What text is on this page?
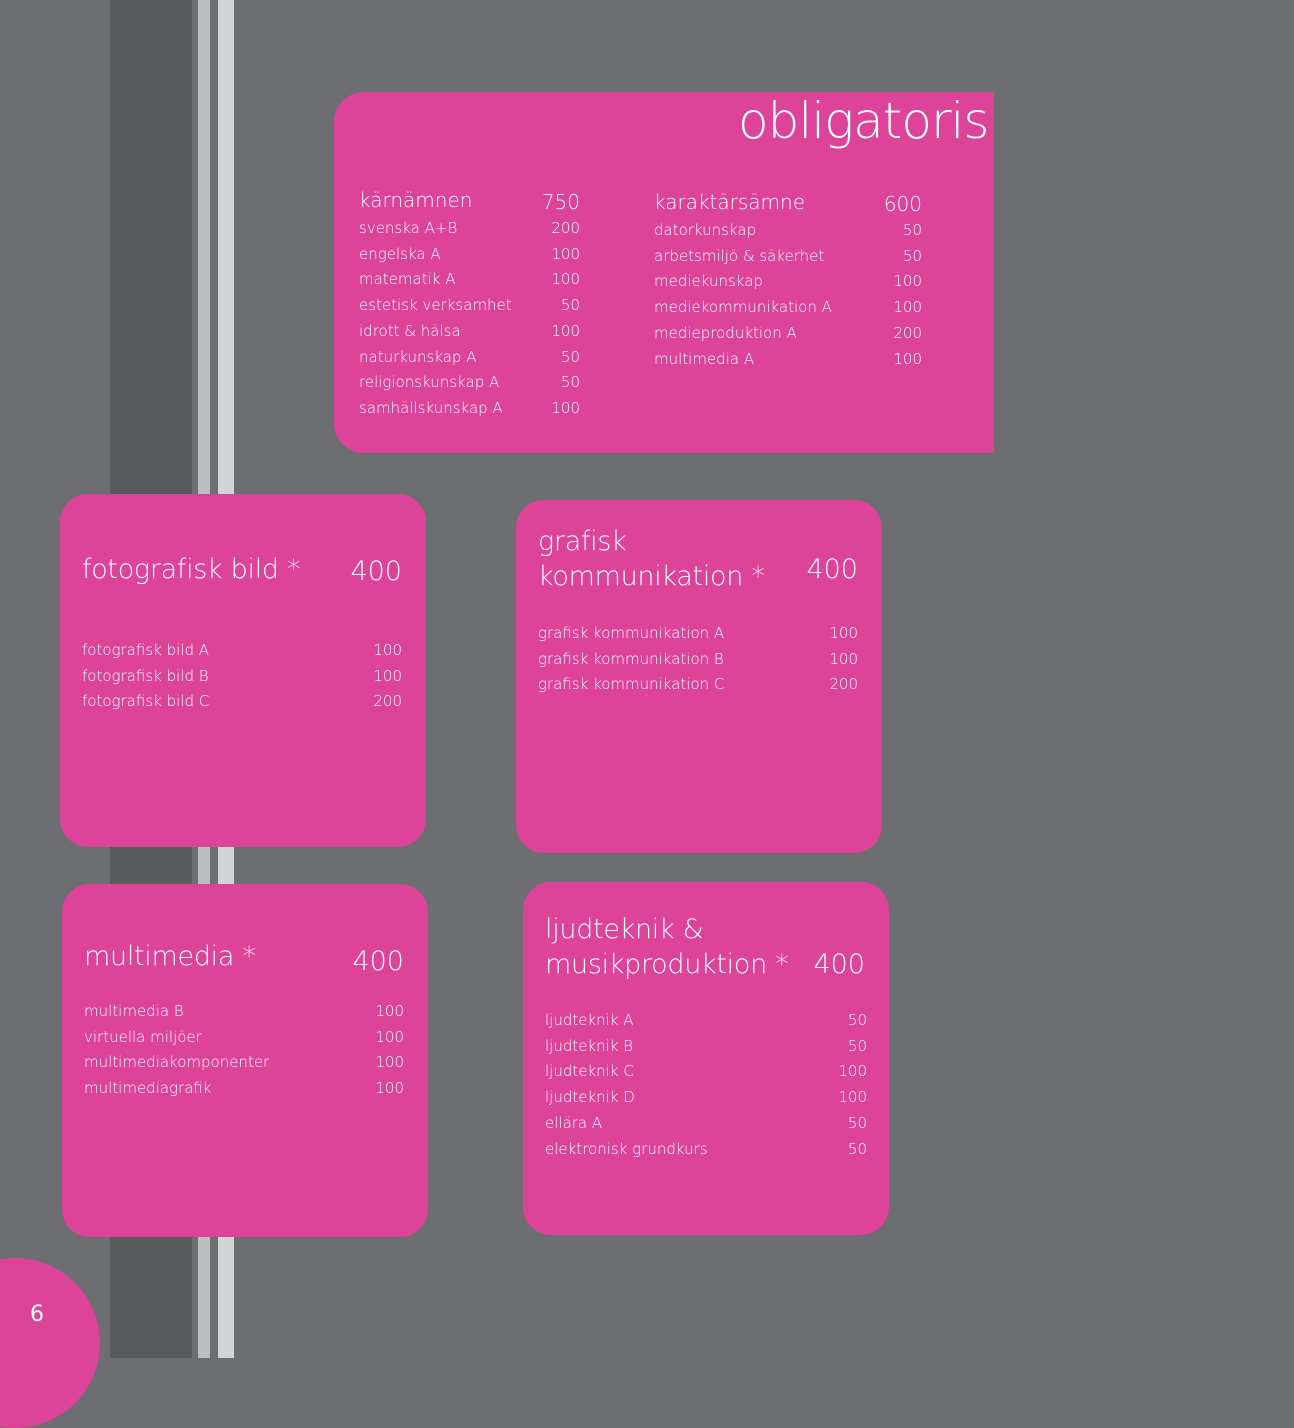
obligatoris
kärnämnen	750
svenska A+B	200
engelska A	100
matematik A	100
estetisk verksamhet	50
idrott & hälsa	100
naturkunskap A	50
religionskunskap A	50
samhällskunskap A	100
karaktärsämne	600
datorkunskap	50
arbetsmiljö & säkerhet	50
mediekunskap	100
mediekommunikation A	100
medieproduktion A	200
multimedia A	100
fotografisk bild *	400
fotografisk bild A	100
fotografisk bild B	100
fotografisk bild C	200
grafisk
kommunikation *	400
grafisk kommunikation A	100
grafisk kommunikation B	100
grafisk kommunikation C	200
multimedia *	400
multimedia B	100
virtuella miljöer	100
multimediakomponenter	100
multimediagrafik	100
ljudteknik &
musikproduktion * 400
ljudteknik A	50
ljudteknik B	50
ljudteknik C	100
ljudteknik D	100
ellära A	50
elektronisk grundkurs	50
6
